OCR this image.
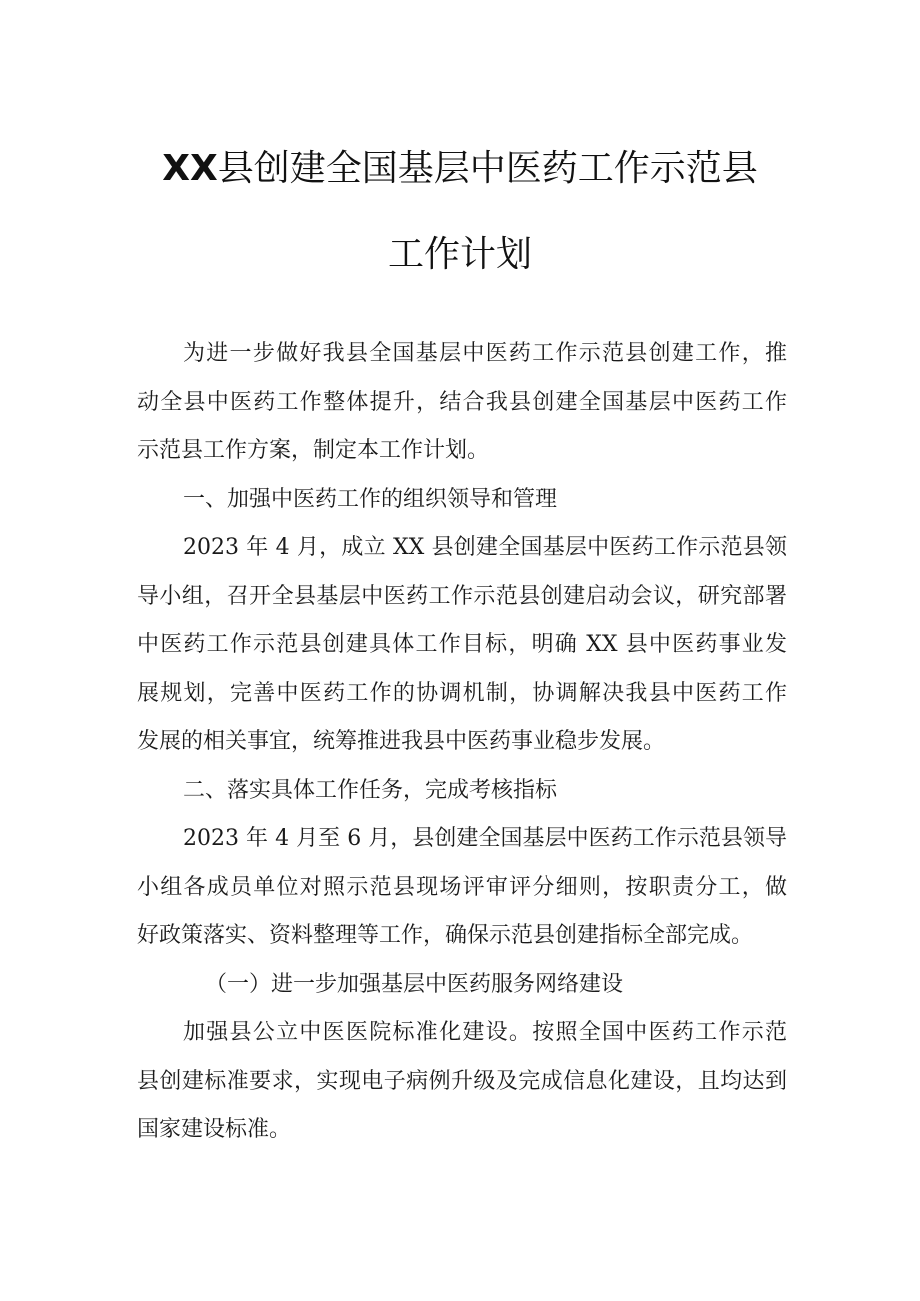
XX县创建全国基层中医药工作示范县
工作计划
为进一步做好我县全国基层中医药工作示范县创建工作，推
动全县中医药工作整体提升，结合我县创建全国基层中医药工作
示范县工作方案，制定本工作计划。
一、加强中医药工作的组织领导和管理
2023 年 4 月，成立 XX 县创建全国基层中医药工作示范县领
导小组，召开全县基层中医药工作示范县创建启动会议，研究部署
中医药工作示范县创建具体工作目标，明确 XX 县中医药事业发
展规划，完善中医药工作的协调机制，协调解决我县中医药工作
发展的相关事宜，统筹推进我县中医药事业稳步发展。
二、落实具体工作任务，完成考核指标
2023 年 4 月至 6 月，县创建全国基层中医药工作示范县领导
小组各成员单位对照示范县现场评审评分细则，按职责分工，做
好政策落实、资料整理等工作，确保示范县创建指标全部完成。
（一）进一步加强基层中医药服务网络建设
加强县公立中医医院标准化建设。按照全国中医药工作示范
县创建标准要求，实现电子病例升级及完成信息化建设，且均达到
国家建设标准。
